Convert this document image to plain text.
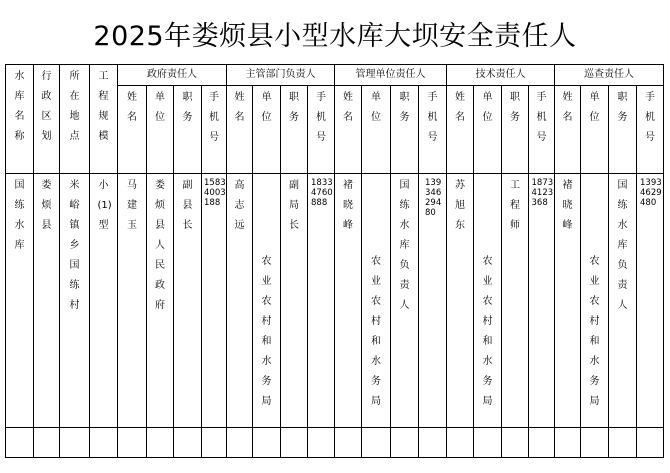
2025年娄烦县小型水库大坝安全责任人
水库名称	行政区划	所在地点	工程规模	政府责任人				主管部门负责人				管理单位责任人				技术责任人				巡查责任人			

				姓名	单位	职务	手机号	姓名	单位	职务	手机号	姓名	单位	职务	手机号	姓名	单位	职务	手机号	姓名	单位	职务	手机号

国练水库	娄烦县	米峪镇乡国练村	小(1)型	马建玉	娄烦县人民政府	副县长	15834003188	高志远	农业农村和水务局	副局长	18334760888	褚晓峰	农业农村和水务局	国练水库负责人	13934629480	苏旭东	农业农村和水务局	工程师	18734123368	褚晓峰	农业农村和水务局	国练水库负责人	13934629480
